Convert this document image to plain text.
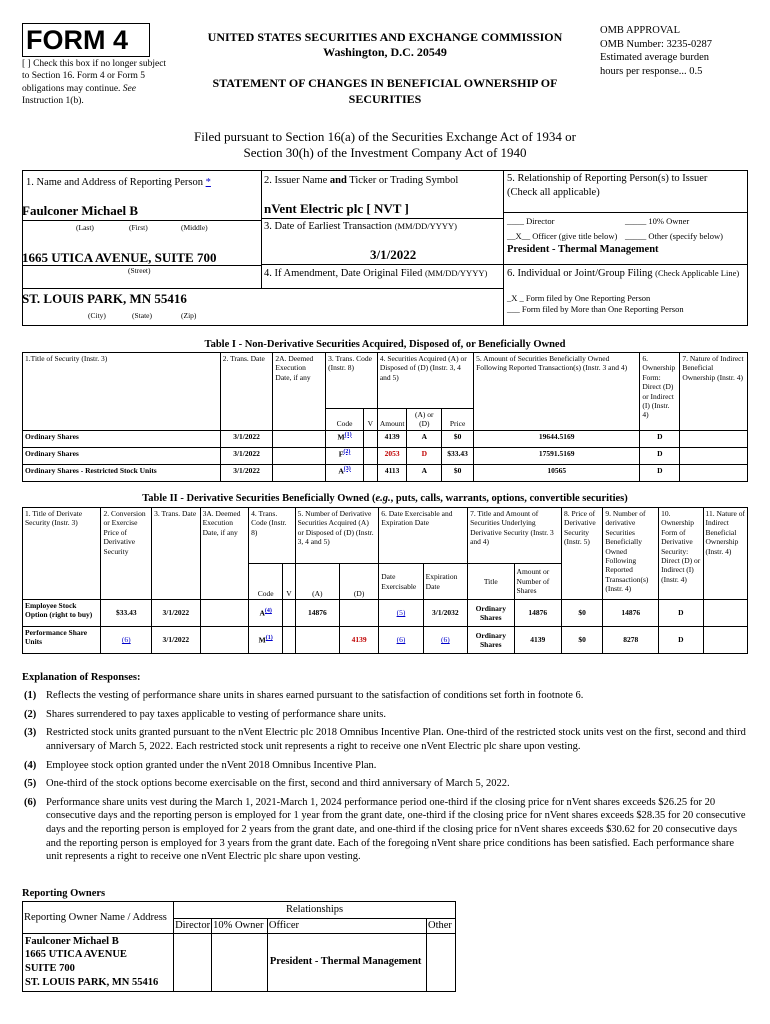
FORM 4
[ ] Check this box if no longer subject to Section 16. Form 4 or Form 5 obligations may continue. See Instruction 1(b).
UNITED STATES SECURITIES AND EXCHANGE COMMISSION
Washington, D.C. 20549
STATEMENT OF CHANGES IN BENEFICIAL OWNERSHIP OF SECURITIES
OMB APPROVAL
OMB Number: 3235-0287
Estimated average burden
hours per response... 0.5
Filed pursuant to Section 16(a) of the Securities Exchange Act of 1934 or
Section 30(h) of the Investment Company Act of 1940
1. Name and Address of Reporting Person *
Faulconer Michael B
(Last)	(First)	(Middle)
1665 UTICA AVENUE, SUITE 700
(Street)
ST. LOUIS PARK, MN 55416
(City)	(State)	(Zip)
2. Issuer Name and Ticker or Trading Symbol
nVent Electric plc [ NVT ]
3. Date of Earliest Transaction (MM/DD/YYYY)
3/1/2022
4. If Amendment, Date Original Filed (MM/DD/YYYY)
5. Relationship of Reporting Person(s) to Issuer
(Check all applicable)
____ Director	_____ 10% Owner
__X__ Officer (give title below) _____ Other (specify below)
President - Thermal Management
6. Individual or Joint/Group Filing (Check Applicable Line)
_X _ Form filed by One Reporting Person
___ Form filed by More than One Reporting Person
Table I - Non-Derivative Securities Acquired, Disposed of, or Beneficially Owned
1.Title of Security (Instr. 3)	2. Trans. Date	2A. Deemed Execution Date, if any	3. Trans. Code (Instr. 8)		4. Securities Acquired (A) or Disposed of (D) (Instr. 3, 4 and 5)			5. Amount of Securities Beneficially Owned Following Reported Transaction(s) (Instr. 3 and 4)	6. Ownership Form: Direct (D) or Indirect (I) (Instr. 4)	7. Nature of Indirect Beneficial Ownership (Instr. 4)
			Code	V	Amount	(A) or (D)	Price			
Ordinary Shares	3/1/2022		$M^{(1)}$		4139	A	$0	19644.5169	D	
Ordinary Shares	3/1/2022		$F^{(2)}$		2053	D	$33.43	17591.5169	D	
Ordinary Shares - Restricted Stock Units	3/1/2022		$A^{(3)}$		4113	A	$0	10565	D	
Table II - Derivative Securities Beneficially Owned (e.g., puts, calls, warrants, options, convertible securities)
1. Title of Derivate Security (Instr. 3)	2. Conversion or Exercise Price of Derivative Security	3. Trans. Date	3A. Deemed Execution Date, if any	4. Trans. Code (Instr. 8)		5. Number of Derivative Securities Acquired (A) or Disposed of (D) (Instr. 3, 4 and 5)		6. Date Exercisable and Expiration Date		7. Title and Amount of Securities Underlying Derivative Security (Instr. 3 and 4)		8. Price of Derivative Security (Instr. 5)	9. Number of derivative Securities Beneficially Owned Following Reported Transaction(s) (Instr. 4)	10. Ownership Form of Derivative Security: Direct (D) or Indirect (I) (Instr. 4)	11. Nature of Indirect Beneficial Ownership (Instr. 4)
				Code	V	(A)	(D)	Date Exercisable	Expiration Date	Title	Amount or Number of Shares				
Employee Stock Option (right to buy)	$33.43	3/1/2022		$A^{(4)}$		14876		(5)	3/1/2032	Ordinary Shares	14876	$0	14876	D	
Performance Share Units	(6)	3/1/2022		$M^{(1)}$			4139	(6)	(6)	Ordinary Shares	4139	$0	8278	D	
Explanation of Responses:
(1) Reflects the vesting of performance share units in shares earned pursuant to the satisfaction of conditions set forth in footnote 6.
(2) Shares surrendered to pay taxes applicable to vesting of performance share units.
(3) Restricted stock units granted pursuant to the nVent Electric plc 2018 Omnibus Incentive Plan. One-third of the restricted stock units vest on the first, second and third anniversary of March 5, 2022. Each restricted stock unit represents a right to receive one nVent Electric plc share upon vesting.
(4) Employee stock option granted under the nVent 2018 Omnibus Incentive Plan.
(5) One-third of the stock options become exercisable on the first, second and third anniversary of March 5, 2022.
(6) Performance share units vest during the March 1, 2021-March 1, 2024 performance period one-third if the closing price for nVent shares exceeds $26.25 for 20 consecutive days and the reporting person is employed for 1 year from the grant date, one-third if the closing price for nVent shares exceeds $28.35 for 20 consecutive days and the reporting person is employed for 2 years from the grant date, and one-third if the closing price for nVent shares exceeds $30.62 for 20 consecutive days and the reporting person is employed for 3 years from the grant date. Each of the foregoing nVent share price conditions has been satisfied. Each performance share unit represents a right to receive one nVent Electric plc share upon vesting.
Reporting Owners
Reporting Owner Name / Address	Relationships			
	Director	10% Owner	Officer	Other

Faulconer Michael B
1665 UTICA AVENUE
SUITE 700
ST. LOUIS PARK, MN 55416			President - Thermal Management	
